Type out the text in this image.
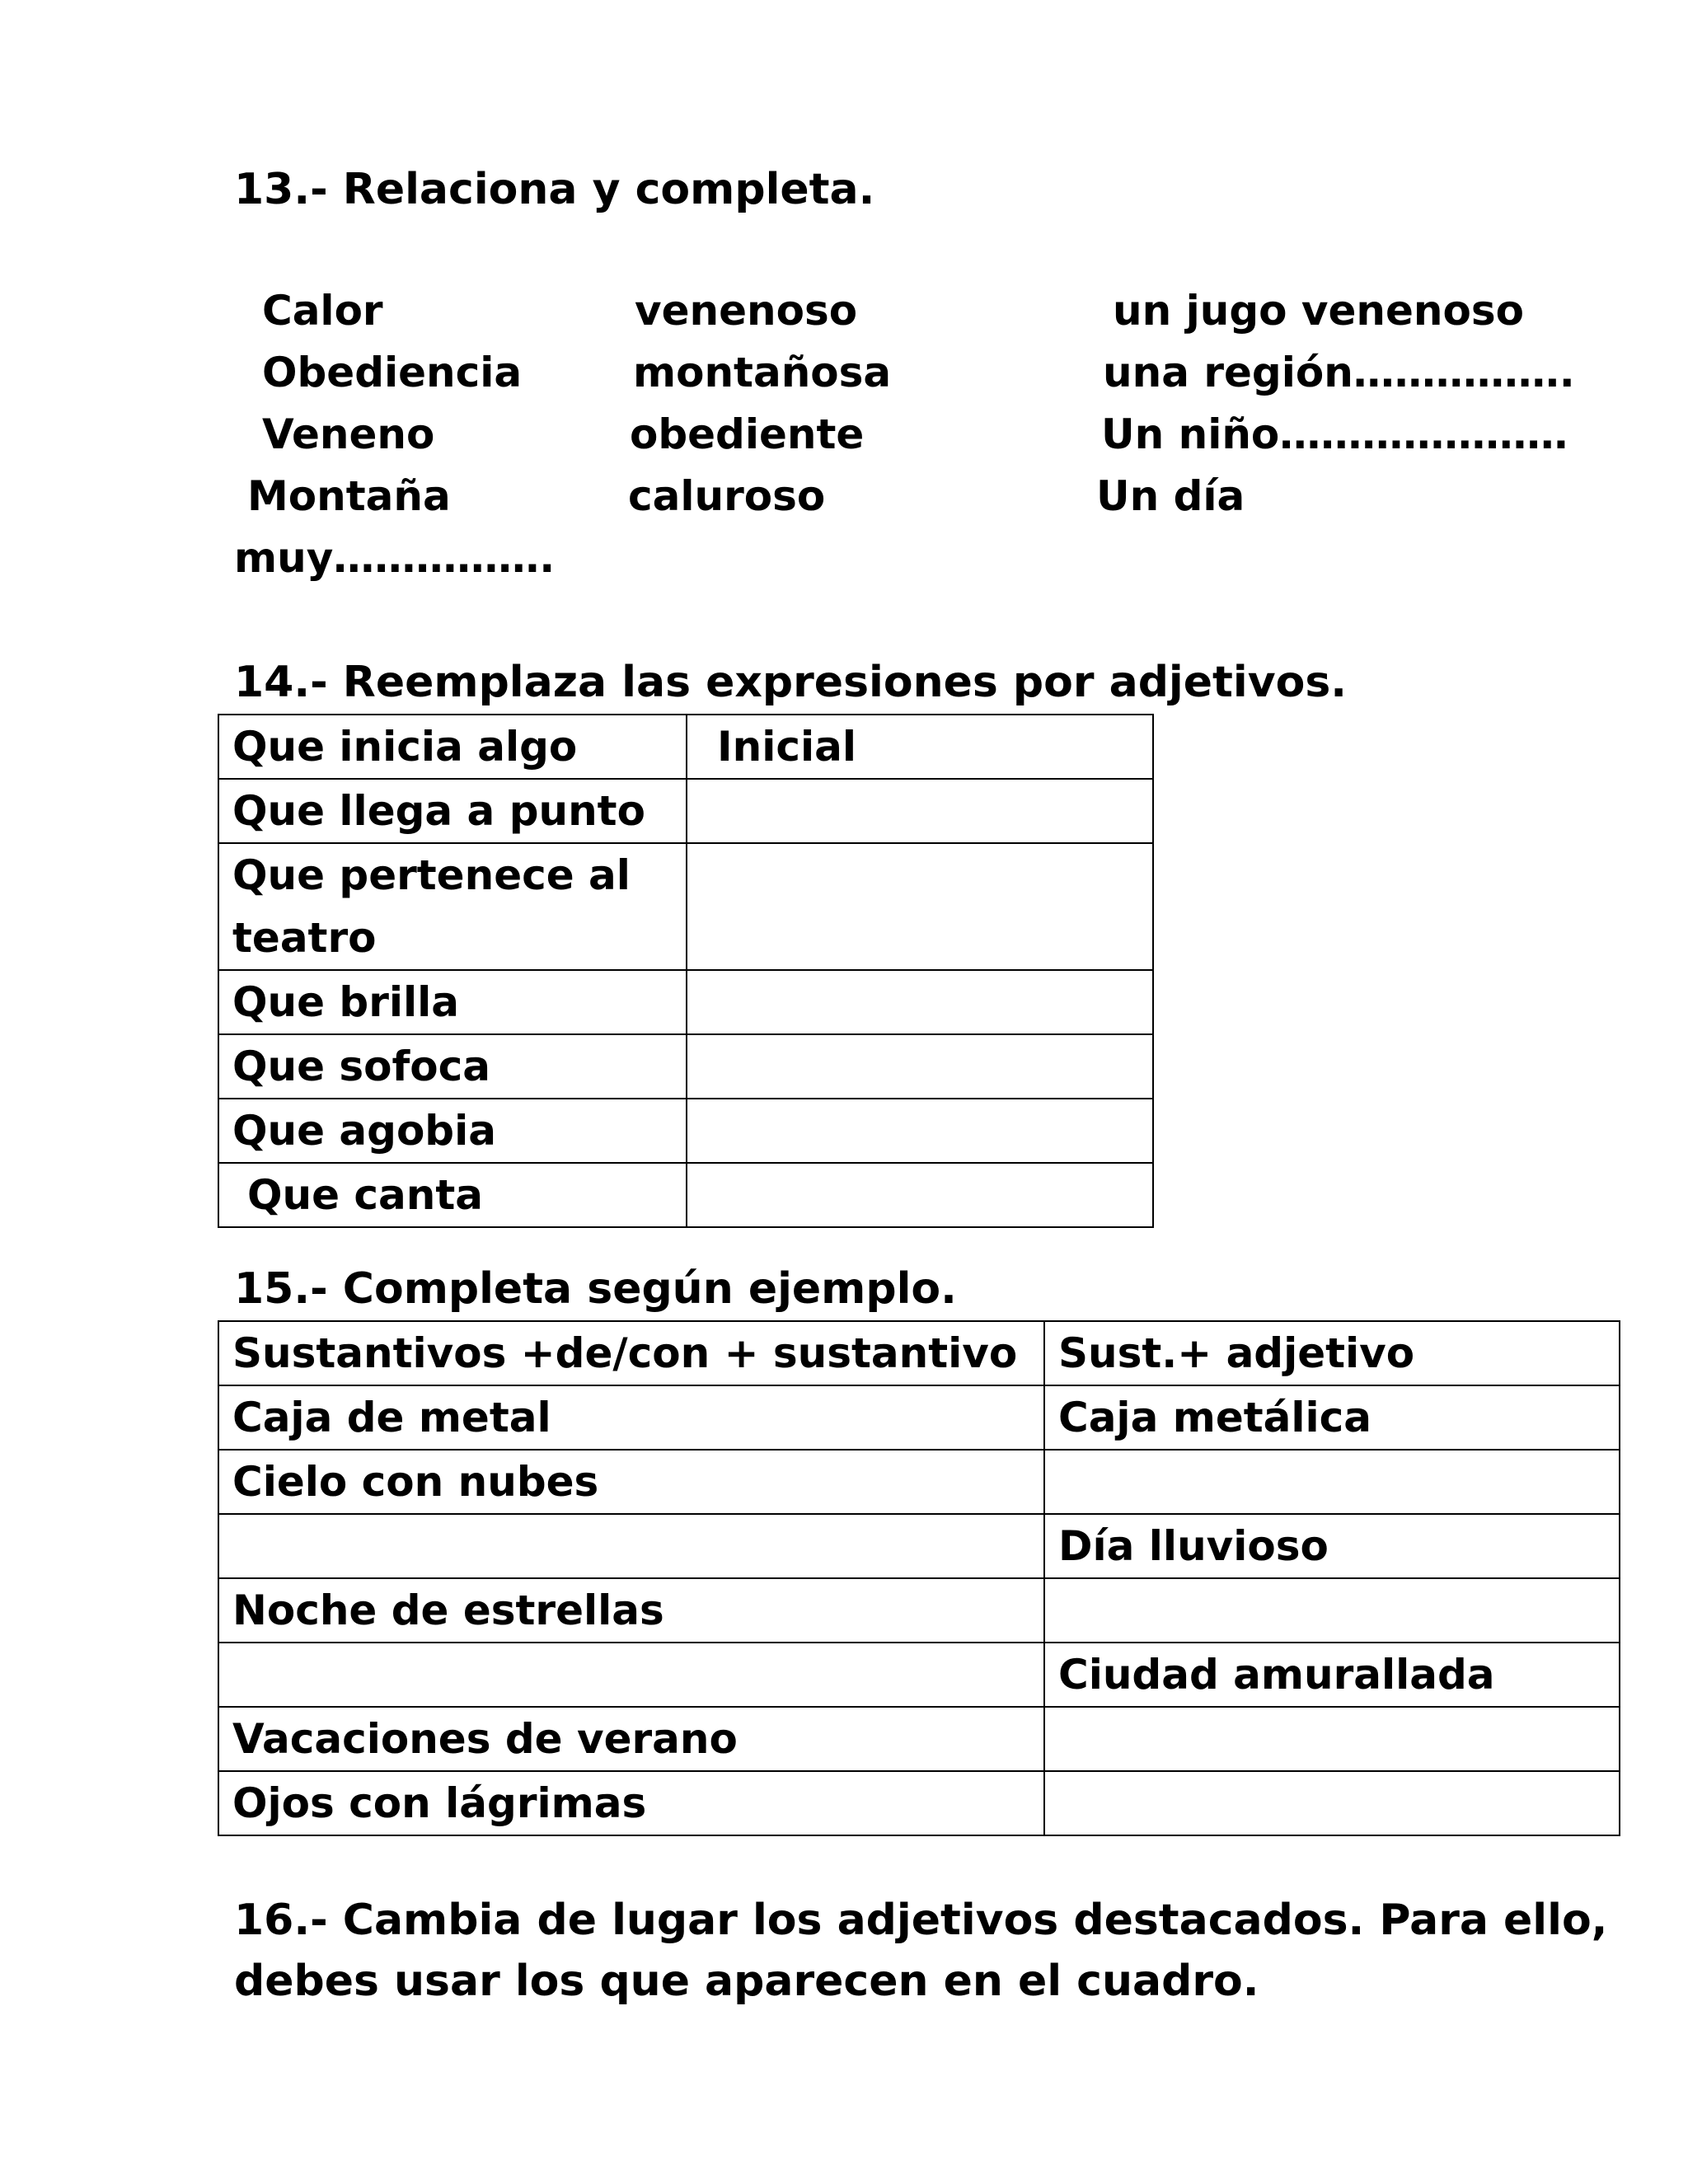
13.- Relaciona y completa.
Calor	venenoso	un jugo venenoso
Obediencia	montañosa	una región…………….
Veneno	obediente	Un niño…………………
Montaña	caluroso	Un día
muy…………….
14.- Reemplaza las expresiones por adjetivos.
Que inicia algo	Inicial
Que llega a punto	
Que pertenece al teatro	
Que brilla	
Que sofoca	
Que agobia	
Que canta	
15.- Completa según ejemplo.
Sustantivos +de/con + sustantivo	Sust.+ adjetivo
Caja de metal	Caja metálica
Cielo con nubes	
	Día lluvioso
Noche de estrellas	
	Ciudad amurallada
Vacaciones de verano	
Ojos con lágrimas	
16.- Cambia de lugar los adjetivos destacados. Para ello,
debes usar los que aparecen en el cuadro.
